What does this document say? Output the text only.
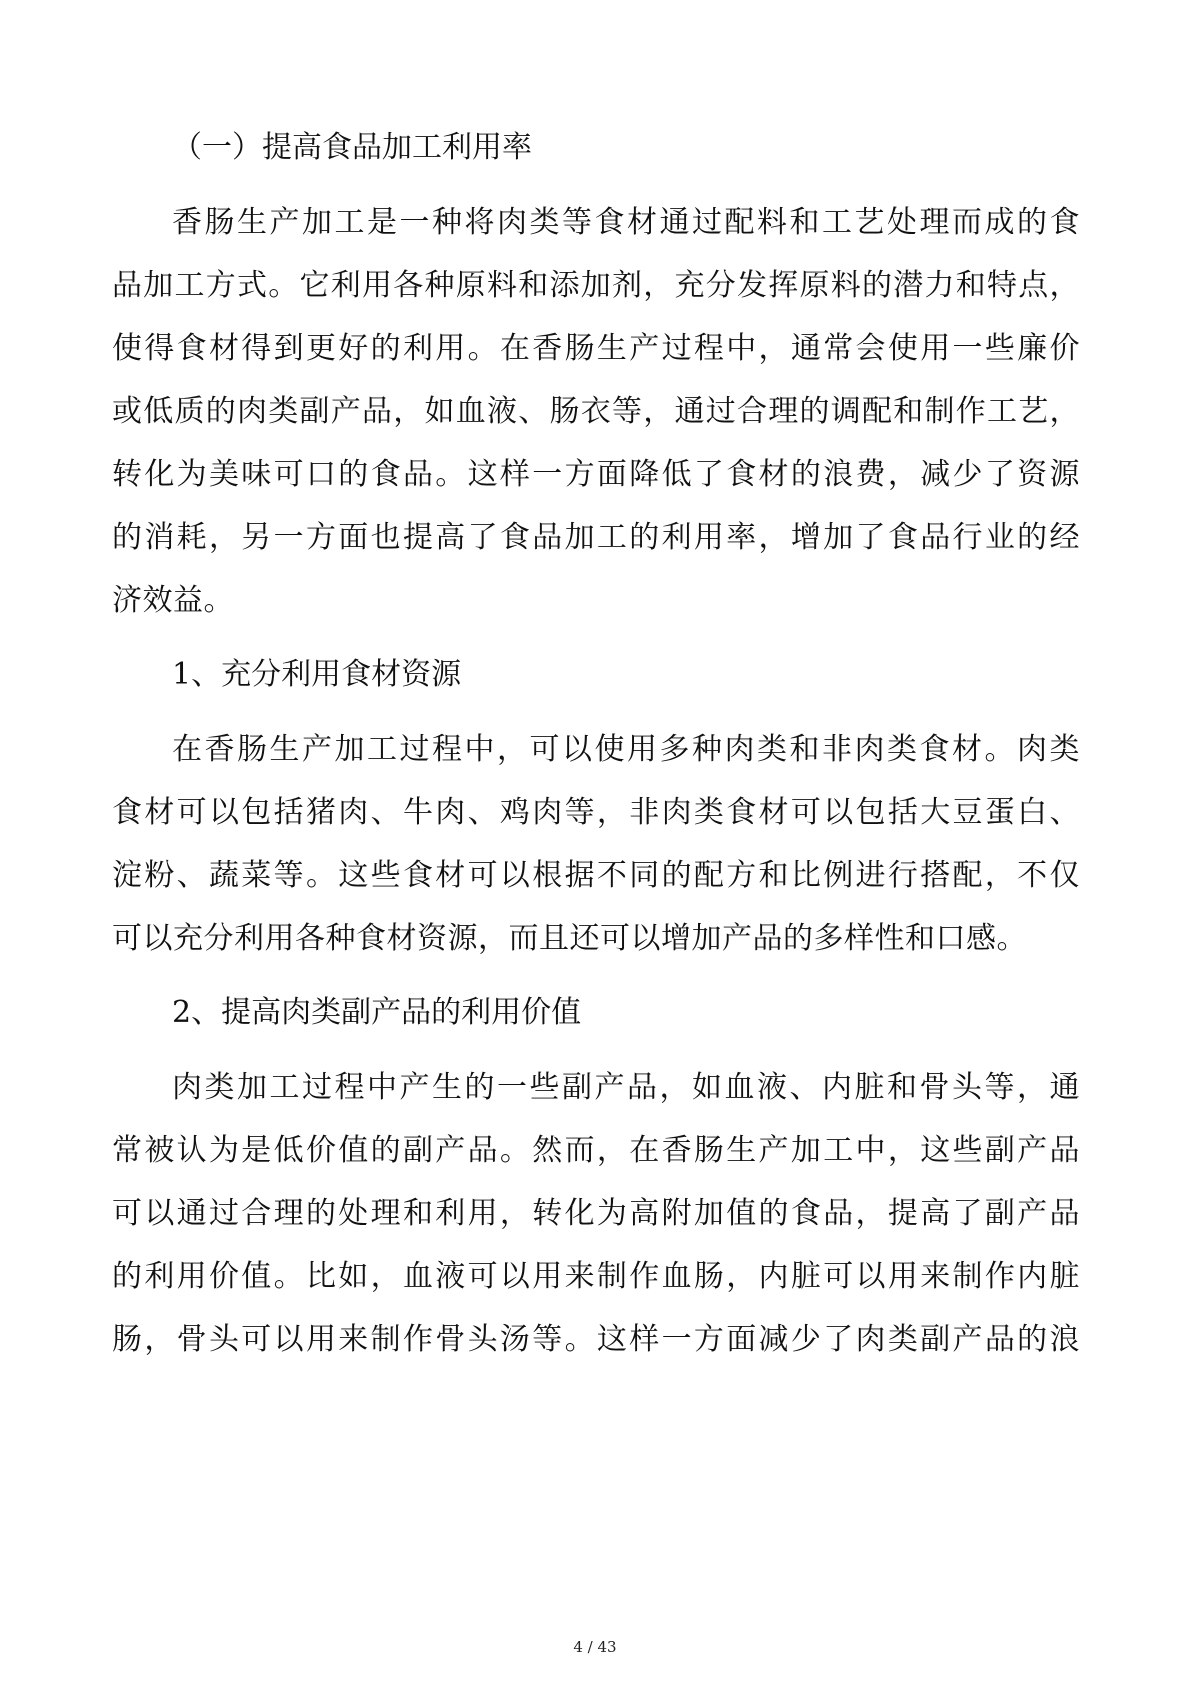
（一）提高食品加工利用率
香肠生产加工是一种将肉类等食材通过配料和工艺处理而成的食
品加工方式。它利用各种原料和添加剂，充分发挥原料的潜力和特点，
使得食材得到更好的利用。在香肠生产过程中，通常会使用一些廉价
或低质的肉类副产品，如血液、肠衣等，通过合理的调配和制作工艺，
转化为美味可口的食品。这样一方面降低了食材的浪费，减少了资源
的消耗，另一方面也提高了食品加工的利用率，增加了食品行业的经
济效益。
1、充分利用食材资源
在香肠生产加工过程中，可以使用多种肉类和非肉类食材。肉类
食材可以包括猪肉、牛肉、鸡肉等，非肉类食材可以包括大豆蛋白、
淀粉、蔬菜等。这些食材可以根据不同的配方和比例进行搭配，不仅
可以充分利用各种食材资源，而且还可以增加产品的多样性和口感。
2、提高肉类副产品的利用价值
肉类加工过程中产生的一些副产品，如血液、内脏和骨头等，通
常被认为是低价值的副产品。然而，在香肠生产加工中，这些副产品
可以通过合理的处理和利用，转化为高附加值的食品，提高了副产品
的利用价值。比如，血液可以用来制作血肠，内脏可以用来制作内脏
肠，骨头可以用来制作骨头汤等。这样一方面减少了肉类副产品的浪
4 / 43
